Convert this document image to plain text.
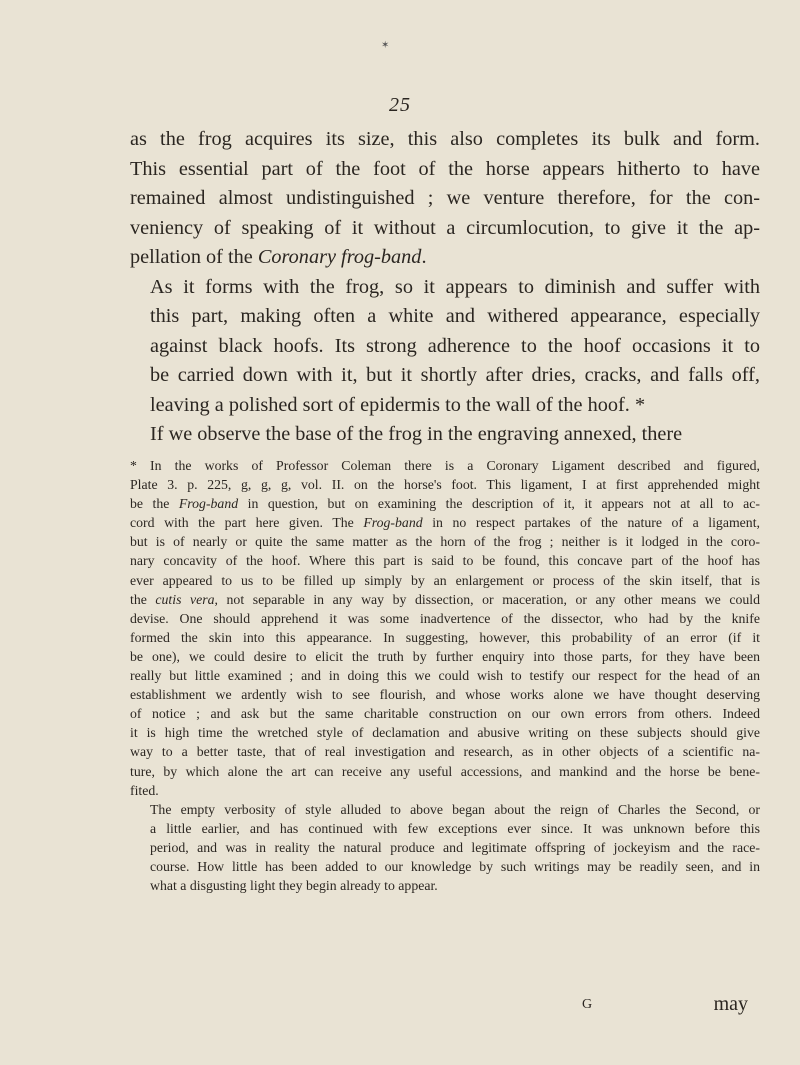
✶
25

as the frog acquires its size, this also completes its bulk and form.
This essential part of the foot of the horse appears hitherto to have
remained almost undistinguished ; we venture therefore, for the con-
veniency of speaking of it without a circumlocution, to give it the ap-
pellation of the Coronary frog-band.

As it forms with the frog, so it appears to diminish and suffer with
this part, making often a white and withered appearance, especially
against black hoofs. Its strong adherence to the hoof occasions it to
be carried down with it, but it shortly after dries, cracks, and falls off,
leaving a polished sort of epidermis to the wall of the hoof. *

If we observe the base of the frog in the engraving annexed, there

* In the works of Professor Coleman there is a Coronary Ligament described and figured,
Plate 3. p. 225, g, g, g, vol. II. on the horse's foot. This ligament, I at first apprehended might
be the Frog-band in question, but on examining the description of it, it appears not at all to ac-
cord with the part here given. The Frog-band in no respect partakes of the nature of a ligament,
but is of nearly or quite the same matter as the horn of the frog ; neither is it lodged in the coro-
nary concavity of the hoof. Where this part is said to be found, this concave part of the hoof has
ever appeared to us to be filled up simply by an enlargement or process of the skin itself, that is
the cutis vera, not separable in any way by dissection, or maceration, or any other means we could
devise. One should apprehend it was some inadvertence of the dissector, who had by the knife
formed the skin into this appearance. In suggesting, however, this probability of an error (if it
be one), we could desire to elicit the truth by further enquiry into those parts, for they have been
really but little examined ; and in doing this we could wish to testify our respect for the head of an
establishment we ardently wish to see flourish, and whose works alone we have thought deserving
of notice ; and ask but the same charitable construction on our own errors from others. Indeed
it is high time the wretched style of declamation and abusive writing on these subjects should give
way to a better taste, that of real investigation and research, as in other objects of a scientific na-
ture, by which alone the art can receive any useful accessions, and mankind and the horse be bene-
fited.

The empty verbosity of style alluded to above began about the reign of Charles the Second, or
a little earlier, and has continued with few exceptions ever since. It was unknown before this
period, and was in reality the natural produce and legitimate offspring of jockeyism and the race-
course. How little has been added to our knowledge by such writings may be readily seen, and in
what a disgusting light they begin already to appear.

G	may
